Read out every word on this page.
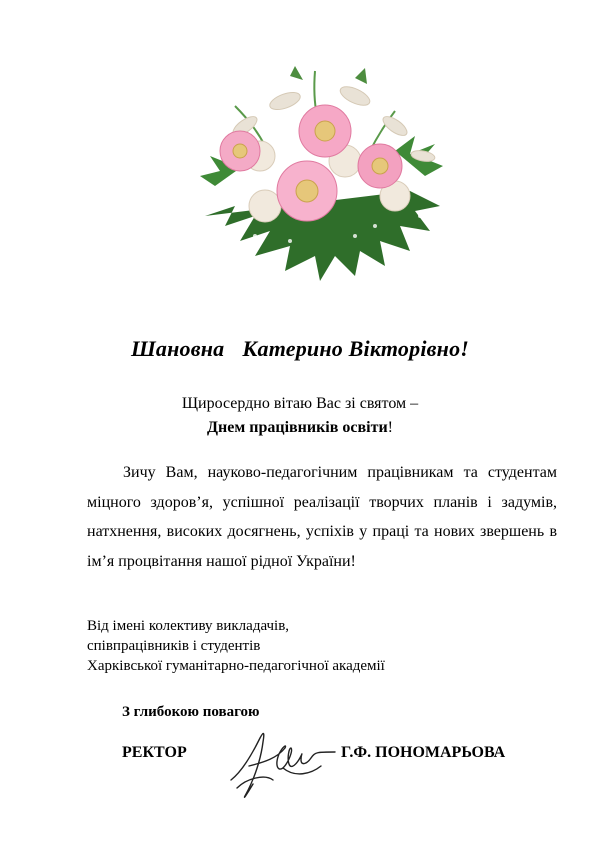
Шановна Катерино Вікторівно!
Щиросердно вітаю Вас зі святом –
Днем працівників освіти!
Зичу Вам, науково-педагогічним працівникам та студентам
міцного здоров’я, успішної реалізації творчих планів і задумів,
натхнення, високих досягнень, успіхів у праці та нових звершень в
ім’я процвітання нашої рідної України!
Від імені колективу викладачів,
співпрацівників і студентів
Харківської гуманітарно-педагогічної академії
З глибокою повагою
РЕКТОР	Г.Ф. ПОНОМАРЬОВА
